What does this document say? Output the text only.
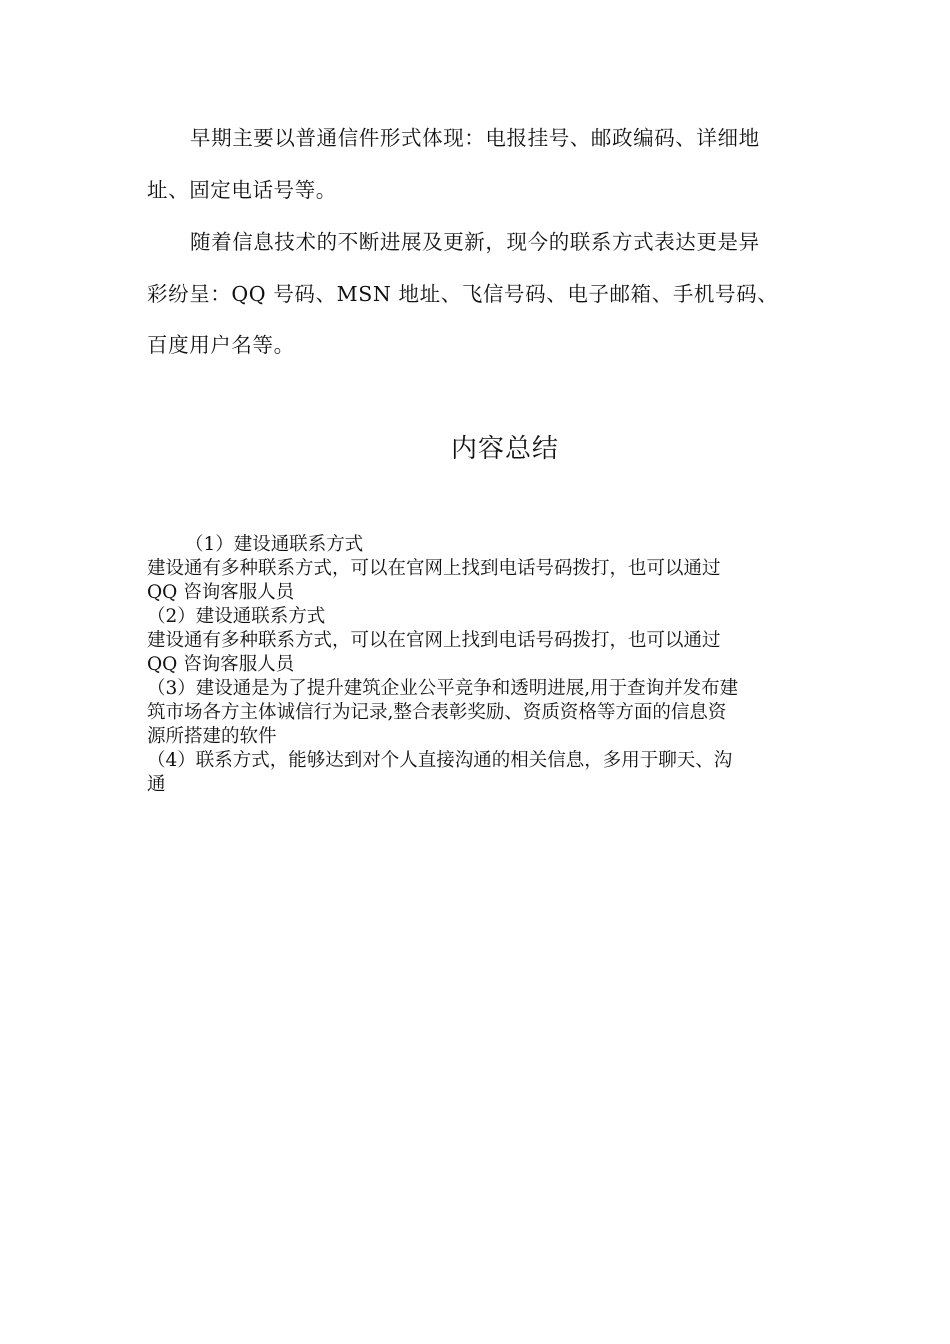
早期主要以普通信件形式体现：电报挂号、邮政编码、详细地
址、固定电话号等。
随着信息技术的不断进展及更新，现今的联系方式表达更是异
彩纷呈：QQ 号码、MSN 地址、飞信号码、电子邮箱、手机号码、
百度用户名等。
内容总结
（1）建设通联系方式
建设通有多种联系方式，可以在官网上找到电话号码拨打，也可以通过
QQ 咨询客服人员
（2）建设通联系方式
建设通有多种联系方式，可以在官网上找到电话号码拨打，也可以通过
QQ 咨询客服人员
（3）建设通是为了提升建筑企业公平竞争和透明进展,用于查询并发布建
筑市场各方主体诚信行为记录,整合表彰奖励、资质资格等方面的信息资
源所搭建的软件
（4）联系方式，能够达到对个人直接沟通的相关信息，多用于聊天、沟
通
